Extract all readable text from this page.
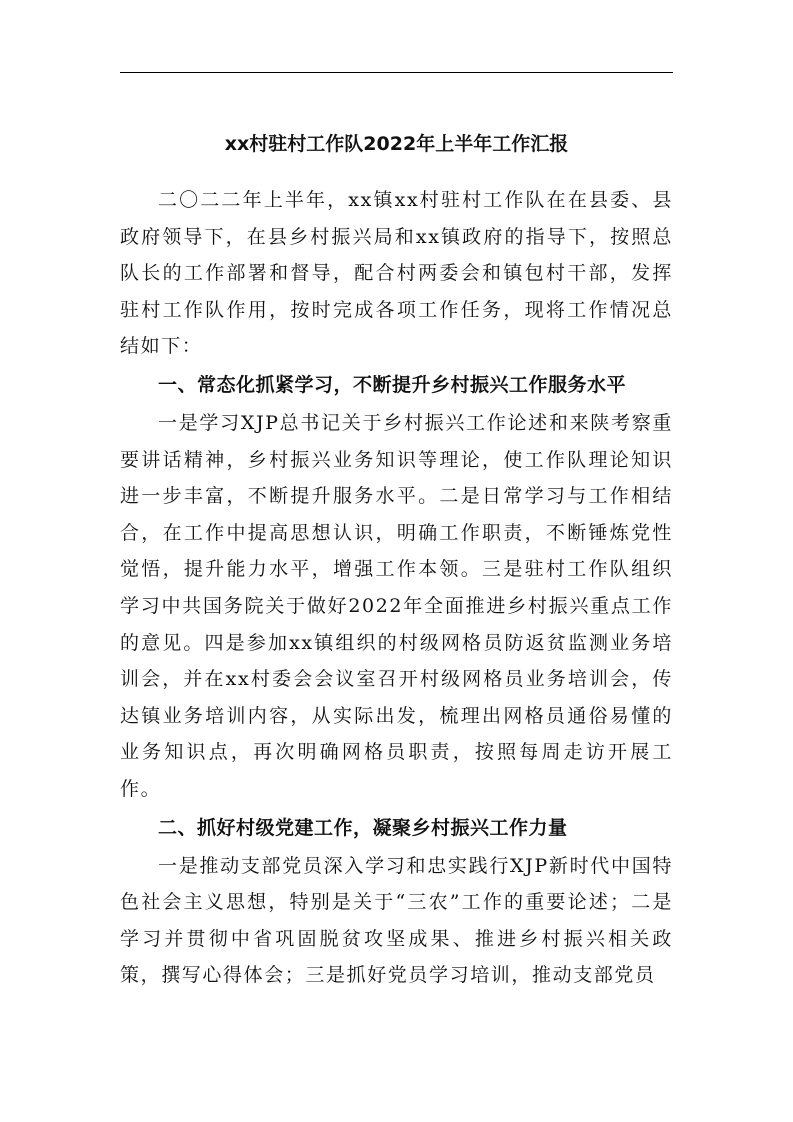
xx村驻村工作队2022年上半年工作汇报

二〇二二年上半年，xx镇xx村驻村工作队在在县委、县政府领导下，在县乡村振兴局和xx镇政府的指导下，按照总队长的工作部署和督导，配合村两委会和镇包村干部，发挥驻村工作队作用，按时完成各项工作任务，现将工作情况总结如下：

一、常态化抓紧学习，不断提升乡村振兴工作服务水平

一是学习XJP总书记关于乡村振兴工作论述和来陕考察重要讲话精神，乡村振兴业务知识等理论，使工作队理论知识进一步丰富，不断提升服务水平。二是日常学习与工作相结合，在工作中提高思想认识，明确工作职责，不断锤炼党性觉悟，提升能力水平，增强工作本领。三是驻村工作队组织学习中共国务院关于做好2022年全面推进乡村振兴重点工作的意见。四是参加xx镇组织的村级网格员防返贫监测业务培训会，并在xx村委会会议室召开村级网格员业务培训会，传达镇业务培训内容，从实际出发，梳理出网格员通俗易懂的业务知识点，再次明确网格员职责，按照每周走访开展工作。

二、抓好村级党建工作，凝聚乡村振兴工作力量

一是推动支部党员深入学习和忠实践行XJP新时代中国特色社会主义思想，特别是关于“三农”工作的重要论述；二是学习并贯彻中省巩固脱贫攻坚成果、推进乡村振兴相关政策，撰写心得体会；三是抓好党员学习培训，推动支部党员
